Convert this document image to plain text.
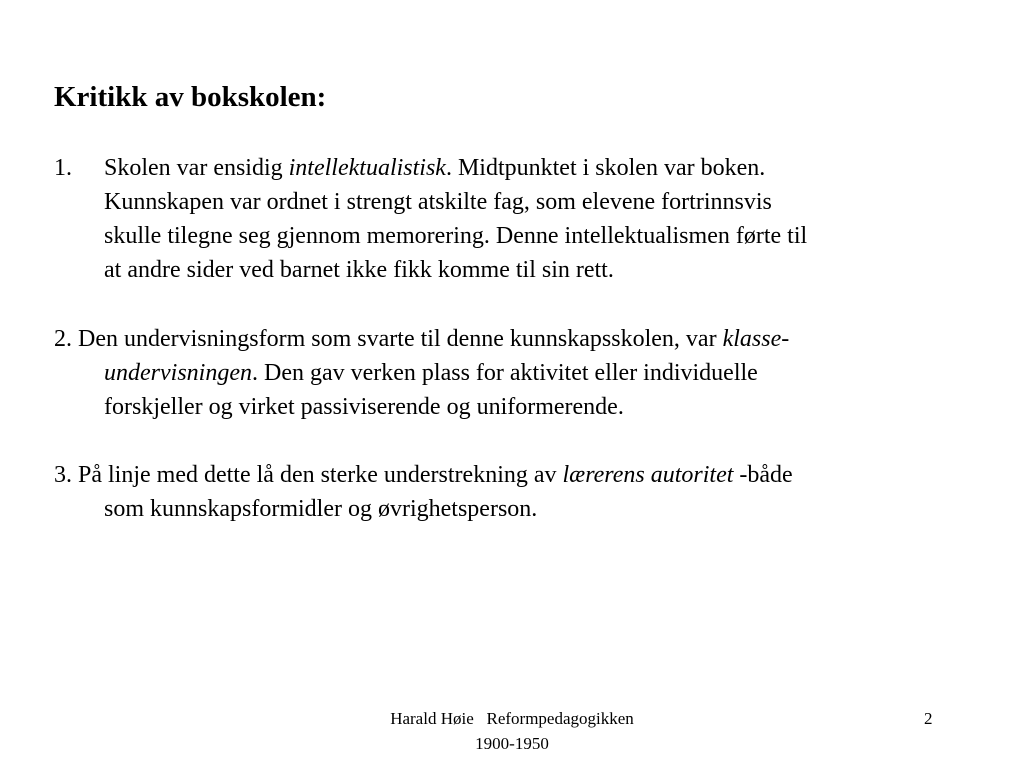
Kritikk av bokskolen:
1. Skolen var ensidig intellektualistisk. Midtpunktet i skolen var boken.
Kunnskapen var ordnet i strengt atskilte fag, som elevene fortrinnsvis
skulle tilegne seg gjennom memorering. Denne intellektualismen førte til
at andre sider ved barnet ikke fikk komme til sin rett.
2. Den undervisningsform som svarte til denne kunnskapsskolen, var klasse-
undervisningen. Den gav verken plass for aktivitet eller individuelle
forskjeller og virket passiviserende og uniformerende.
3. På linje med dette lå den sterke understrekning av lærerens autoritet -både
som kunnskapsformidler og øvrighetsperson.
Harald Høie   Reformpedagogikken
1900-1950
2
